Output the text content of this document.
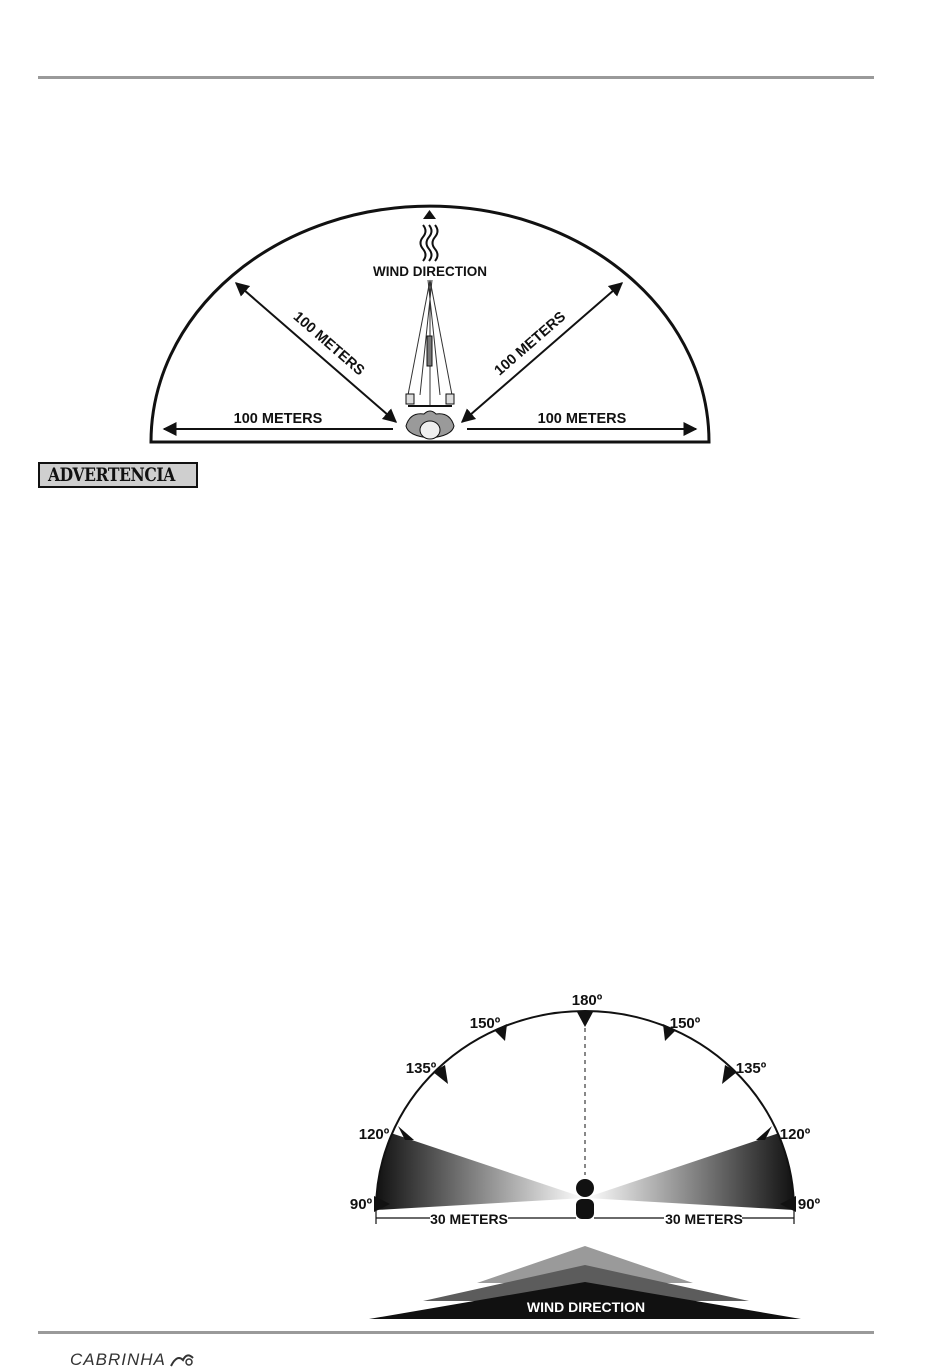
WIND DIRECTION
100 METERS	100 METERS
100 METERS	100 METERS
ADVERTENCIA
180º
150º	150º
135º	135º
120º	120º
90º	90º
30 METERS	30 METERS
WIND DIRECTION
CABRINHA
